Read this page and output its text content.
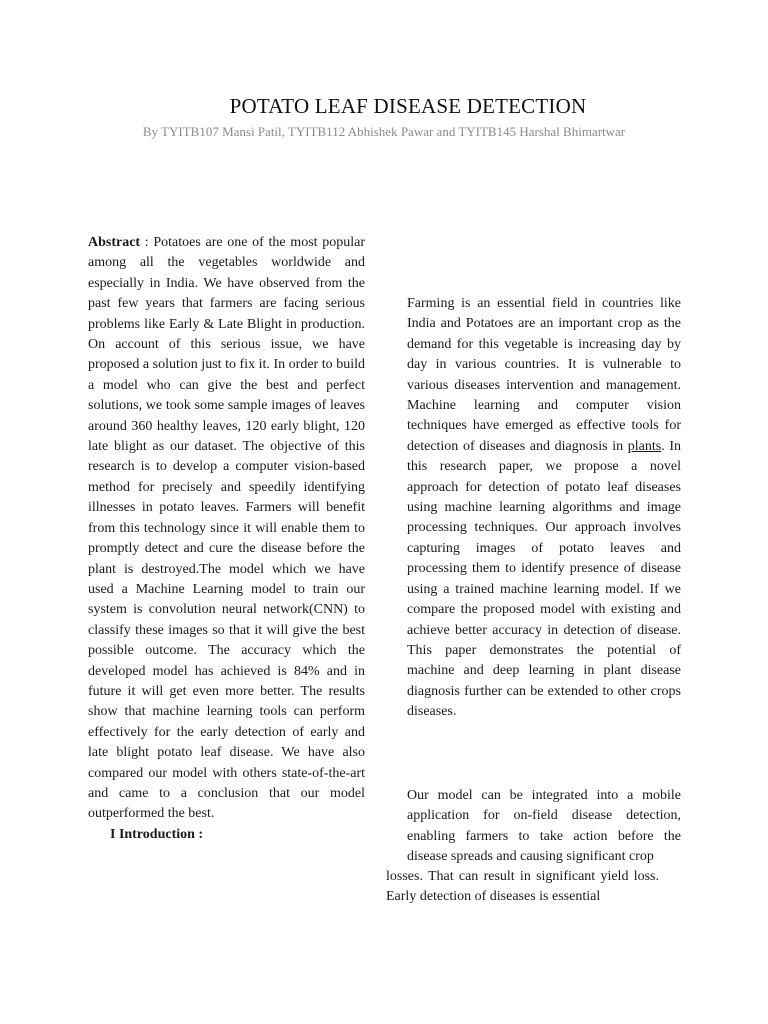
POTATO LEAF DISEASE DETECTION
By TYITB107 Mansi Patil, TYITB112 Abhishek Pawar and TYITB145 Harshal Bhimartwar

Abstract : Potatoes are one of the most popular among all the vegetables worldwide and especially in India. We have observed from the past few years that farmers are facing serious problems like Early & Late Blight in production. On account of this serious issue, we have proposed a solution just to fix it. In order to build a model who can give the best and perfect solutions, we took some sample images of leaves around 360 healthy leaves, 120 early blight, 120 late blight as our dataset. The objective of this research is to develop a computer vision-based method for precisely and speedily identifying illnesses in potato leaves. Farmers will benefit from this technology since it will enable them to promptly detect and cure the disease before the plant is destroyed.The model which we have used a Machine Learning model to train our system is convolution neural network(CNN) to classify these images so that it will give the best possible outcome. The accuracy which the developed model has achieved is 84% and in future it will get even more better. The results show that machine learning tools can perform effectively for the early detection of early and late blight potato leaf disease. We have also compared our model with others state-of-the-art and came to a conclusion that our model outperformed the best.

I Introduction :

Farming is an essential field in countries like India and Potatoes are an important crop as the demand for this vegetable is increasing day by day in various countries. It is vulnerable to various diseases intervention and management. Machine learning and computer vision techniques have emerged as effective tools for detection of diseases and diagnosis in plants. In this research paper, we propose a novel approach for detection of potato leaf diseases using machine learning algorithms and image processing techniques. Our approach involves capturing images of potato leaves and processing them to identify presence of disease using a trained machine learning model. If we compare the proposed model with existing and achieve better accuracy in detection of disease. This paper demonstrates the potential of machine and deep learning in plant disease diagnosis further can be extended to other crops diseases.

Our model can be integrated into a mobile application for on-field disease detection, enabling farmers to take action before the disease spreads and causing significant crop

losses. That can result in significant yield loss. Early detection of diseases is essential
